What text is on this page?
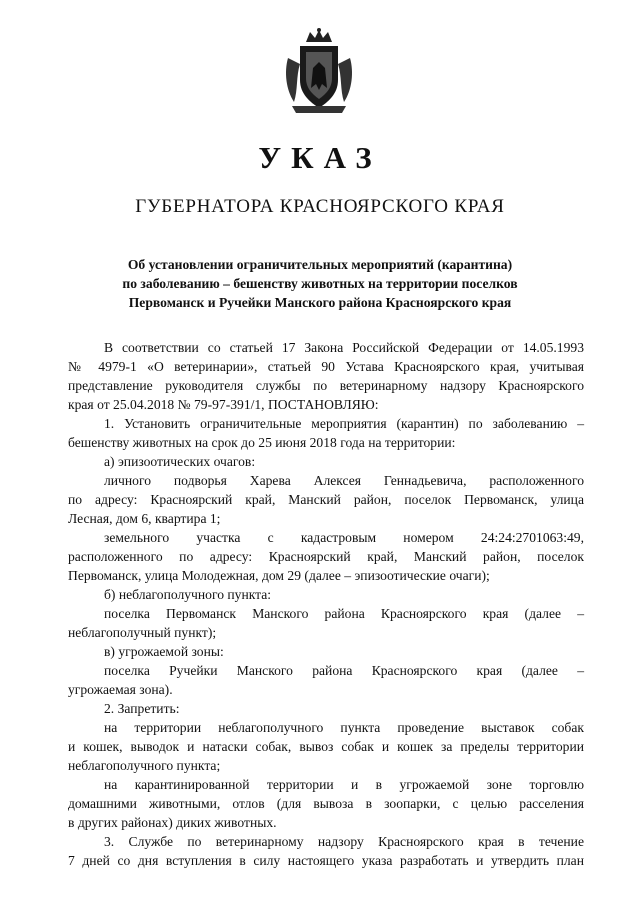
УКАЗ
ГУБЕРНАТОРА КРАСНОЯРСКОГО КРАЯ
Об установлении ограничительных мероприятий (карантина)
по заболеванию – бешенству животных на территории поселков
Первоманск и Ручейки Манского района Красноярского края
В соответствии со статьей 17 Закона Российской Федерации от 14.05.1993
№ 4979-1 «О ветеринарии», статьей 90 Устава Красноярского края, учитывая
представление руководителя службы по ветеринарному надзору Красноярского
края от 25.04.2018 № 79-97-391/1, ПОСТАНОВЛЯЮ:
1. Установить ограничительные мероприятия (карантин) по заболеванию –
бешенству животных на срок до 25 июня 2018 года на территории:
а) эпизоотических очагов:
личного подворья Харева Алексея Геннадьевича, расположенного
по адресу: Красноярский край, Манский район, поселок Первоманск, улица
Лесная, дом 6, квартира 1;
земельного участка с кадастровым номером 24:24:2701063:49,
расположенного по адресу: Красноярский край, Манский район, поселок
Первоманск, улица Молодежная, дом 29 (далее – эпизоотические очаги);
б) неблагополучного пункта:
поселка Первоманск Манского района Красноярского края (далее –
неблагополучный пункт);
в) угрожаемой зоны:
поселка Ручейки Манского района Красноярского края (далее –
угрожаемая зона).
2. Запретить:
на территории неблагополучного пункта проведение выставок собак
и кошек, выводок и натаски собак, вывоз собак и кошек за пределы территории
неблагополучного пункта;
на карантинированной территории и в угрожаемой зоне торговлю
домашними животными, отлов (для вывоза в зоопарки, с целью расселения
в других районах) диких животных.
3. Службе по ветеринарному надзору Красноярского края в течение
7 дней со дня вступления в силу настоящего указа разработать и утвердить план
